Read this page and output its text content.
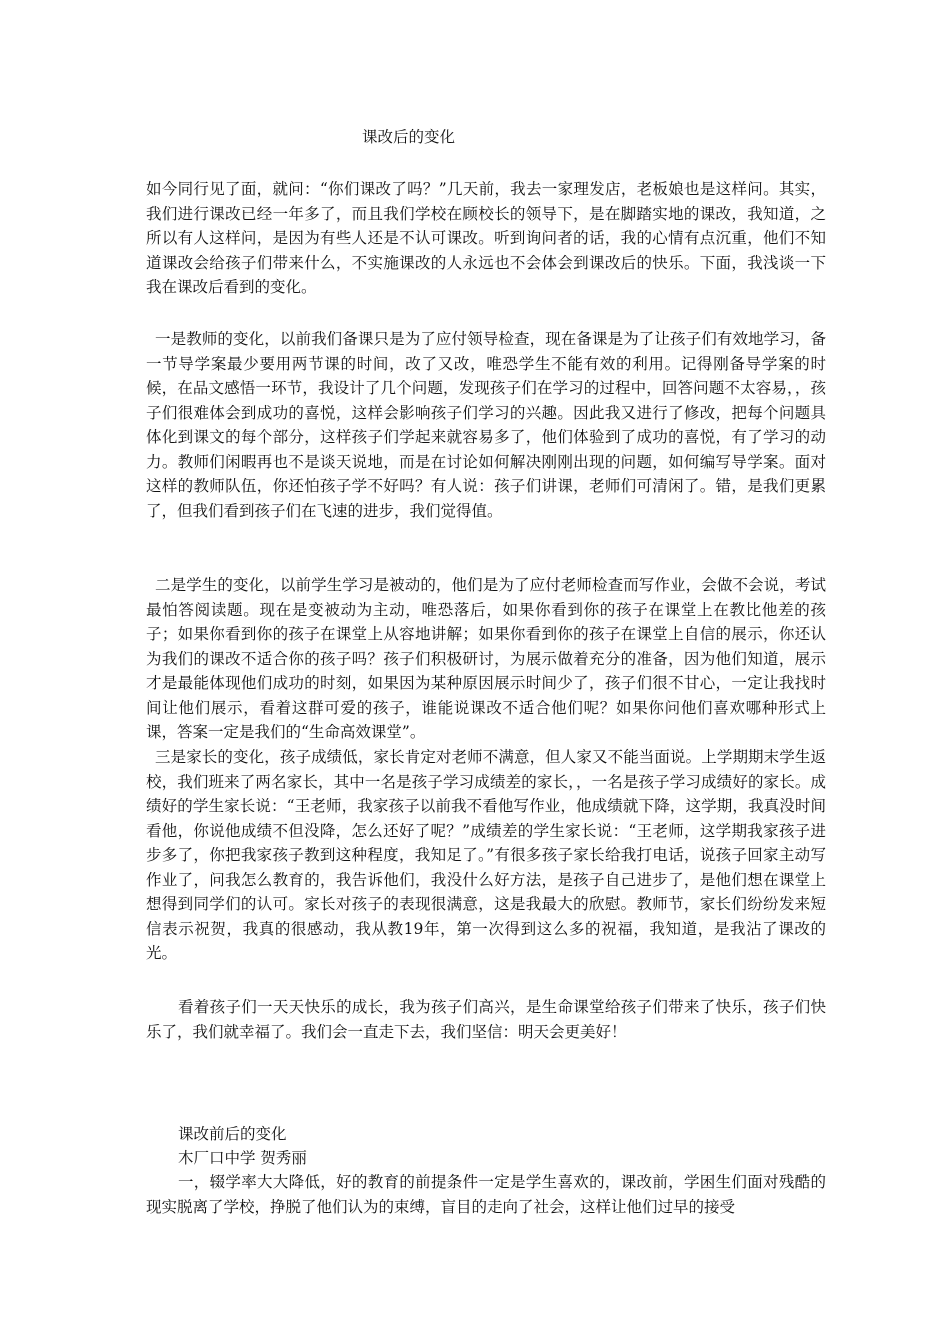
课改后的变化

如今同行见了面，就问：“你们课改了吗？”几天前，我去一家理发店，老板娘也是这样问。其实，我们进行课改已经一年多了，而且我们学校在顾校长的领导下，是在脚踏实地的课改，我知道，之所以有人这样问，是因为有些人还是不认可课改。听到询问者的话，我的心情有点沉重，他们不知道课改会给孩子们带来什么，不实施课改的人永远也不会体会到课改后的快乐。下面，我浅谈一下我在课改后看到的变化。

一是教师的变化，以前我们备课只是为了应付领导检查，现在备课是为了让孩子们有效地学习，备一节导学案最少要用两节课的时间，改了又改，唯恐学生不能有效的利用。记得刚备导学案的时候，在品文感悟一环节，我设计了几个问题，发现孩子们在学习的过程中，回答问题不太容易，，孩子们很难体会到成功的喜悦，这样会影响孩子们学习的兴趣。因此我又进行了修改，把每个问题具体化到课文的每个部分，这样孩子们学起来就容易多了，他们体验到了成功的喜悦，有了学习的动力。教师们闲暇再也不是谈天说地，而是在讨论如何解决刚刚出现的问题，如何编写导学案。面对这样的教师队伍，你还怕孩子学不好吗？有人说：孩子们讲课，老师们可清闲了。错，是我们更累了，但我们看到孩子们在飞速的进步，我们觉得值。

二是学生的变化，以前学生学习是被动的，他们是为了应付老师检查而写作业，会做不会说，考试最怕答阅读题。现在是变被动为主动，唯恐落后，如果你看到你的孩子在课堂上在教比他差的孩子；如果你看到你的孩子在课堂上从容地讲解；如果你看到你的孩子在课堂上自信的展示，你还认为我们的课改不适合你的孩子吗？孩子们积极研讨，为展示做着充分的准备，因为他们知道，展示才是最能体现他们成功的时刻，如果因为某种原因展示时间少了，孩子们很不甘心，一定让我找时间让他们展示，看着这群可爱的孩子，谁能说课改不适合他们呢？如果你问他们喜欢哪种形式上课，答案一定是我们的“生命高效课堂”。

三是家长的变化，孩子成绩低，家长肯定对老师不满意，但人家又不能当面说。上学期期末学生返校，我们班来了两名家长，其中一名是孩子学习成绩差的家长，，一名是孩子学习成绩好的家长。成绩好的学生家长说：“王老师，我家孩子以前我不看他写作业，他成绩就下降，这学期，我真没时间看他，你说他成绩不但没降，怎么还好了呢？”成绩差的学生家长说：“王老师，这学期我家孩子进步多了，你把我家孩子教到这种程度，我知足了。”有很多孩子家长给我打电话，说孩子回家主动写作业了，问我怎么教育的，我告诉他们，我没什么好方法，是孩子自己进步了，是他们想在课堂上想得到同学们的认可。家长对孩子的表现很满意，这是我最大的欣慰。教师节，家长们纷纷发来短信表示祝贺，我真的很感动，我从教19年，第一次得到这么多的祝福，我知道，是我沾了课改的光。

看着孩子们一天天快乐的成长，我为孩子们高兴，是生命课堂给孩子们带来了快乐，孩子们快乐了，我们就幸福了。我们会一直走下去，我们坚信：明天会更美好！

课改前后的变化
木厂口中学 贺秀丽

一，辍学率大大降低，好的教育的前提条件一定是学生喜欢的，课改前，学困生们面对残酷的现实脱离了学校，挣脱了他们认为的束缚，盲目的走向了社会，这样让他们过早的接受
